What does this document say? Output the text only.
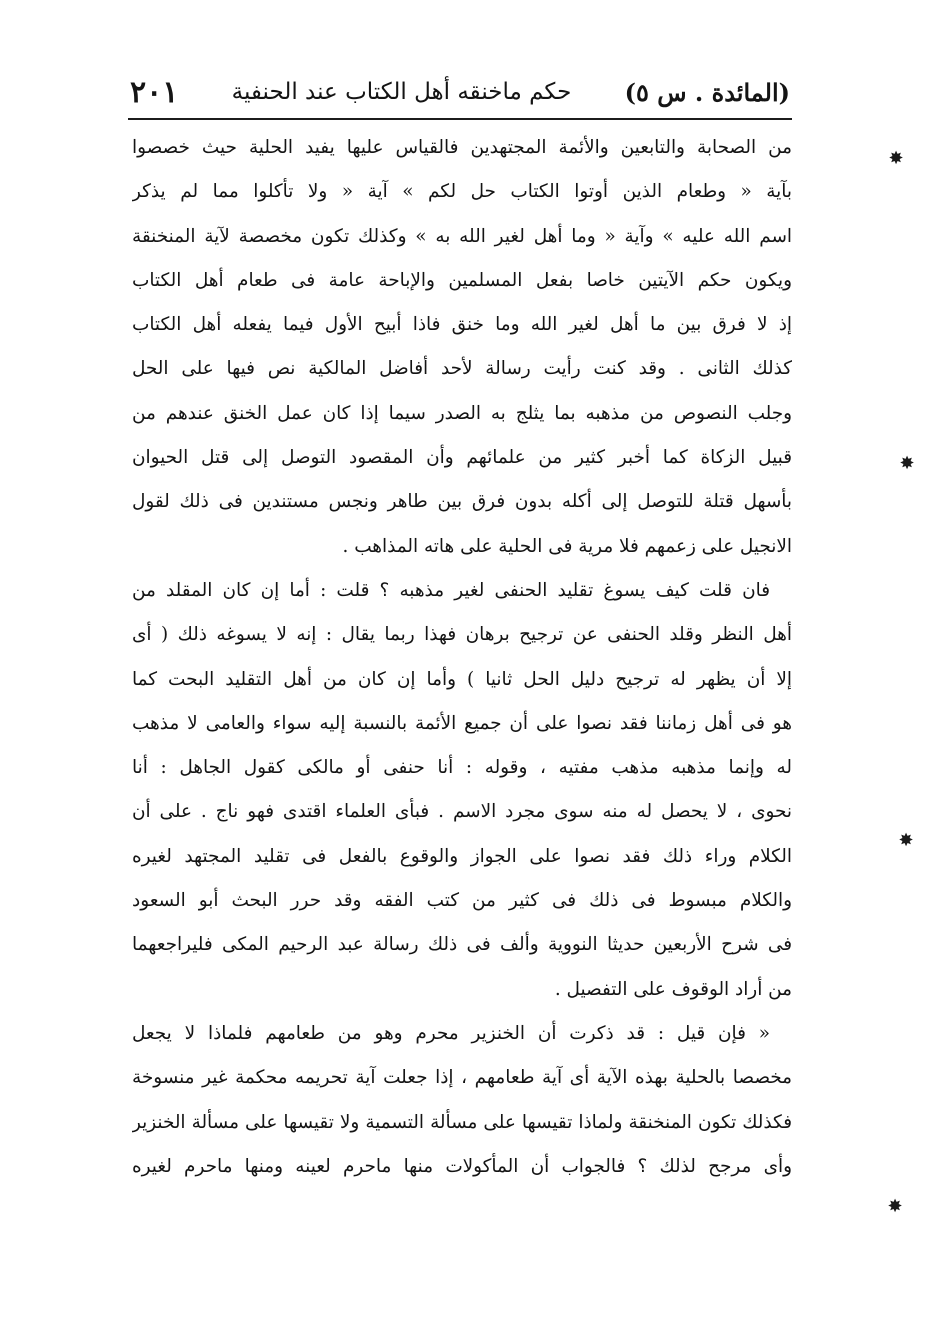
(المائدة . س ٥)
حكم ماخنقه أهل الكتاب عند الحنفية
٢٠١
من الصحابة والتابعين والأئمة المجتهدين فالقياس عليها يفيد الحلية حيث خصصوا
بآية « وطعام الذين أوتوا الكتاب حل لكم » آية « ولا تأكلوا مما لم يذكر
اسم الله عليه » وآية « وما أهل لغير الله به » وكذلك تكون مخصصة لآية المنخنقة
ويكون حكم الآيتين خاصا بفعل المسلمين والإباحة عامة فى طعام أهل الكتاب
إذ لا فرق بين ما أهل لغير الله وما خنق فاذا أبيح الأول فيما يفعله أهل الكتاب
كذلك الثانى . وقد كنت رأيت رسالة لأحد أفاضل المالكية نص فيها على الحل
وجلب النصوص من مذهبه بما يثلج به الصدر سيما إذا كان عمل الخنق عندهم من
قبيل الزكاة كما أخبر كثير من علمائهم وأن المقصود التوصل إلى قتل الحيوان
بأسهل قتلة للتوصل إلى أكله بدون فرق بين طاهر ونجس مستندين فى ذلك لقول
الانجيل على زعمهم فلا مرية فى الحلية على هاته المذاهب .
فان قلت كيف يسوغ تقليد الحنفى لغير مذهبه ؟ قلت : أما إن كان المقلد من
أهل النظر وقلد الحنفى عن ترجيح برهان فهذا ربما يقال : إنه لا يسوغه ذلك ( أى
إلا أن يظهر له ترجيح دليل الحل ثانيا ) وأما إن كان من أهل التقليد البحت كما
هو فى أهل زماننا فقد نصوا على أن جميع الأئمة بالنسبة إليه سواء والعامى لا مذهب
له وإنما مذهبه مذهب مفتيه ، وقوله : أنا حنفى أو مالكى كقول الجاهل : أنا
نحوى ، لا يحصل له منه سوى مجرد الاسم . فبأى العلماء اقتدى فهو ناج . على أن
الكلام وراء ذلك فقد نصوا على الجواز والوقوع بالفعل فى تقليد المجتهد لغيره
والكلام مبسوط فى ذلك فى كثير من كتب الفقه وقد حرر البحث أبو السعود
فى شرح الأربعين حديثا النووية وألف فى ذلك رسالة عبد الرحيم المكى فليراجعهما
من أراد الوقوف على التفصيل .
« فإن قيل : قد ذكرت أن الخنزير محرم وهو من طعامهم فلماذا لا يجعل
مخصصا بالحلية بهذه الآية أى آية طعامهم ، إذا جعلت آية تحريمه محكمة غير منسوخة
فكذلك تكون المنخنقة ولماذا تقيسها على مسألة التسمية ولا تقيسها على مسألة الخنزير
وأى مرجح لذلك ؟ فالجواب أن المأكولات منها ماحرم لعينه ومنها ماحرم لغيره
✸
✸
✸
✸
